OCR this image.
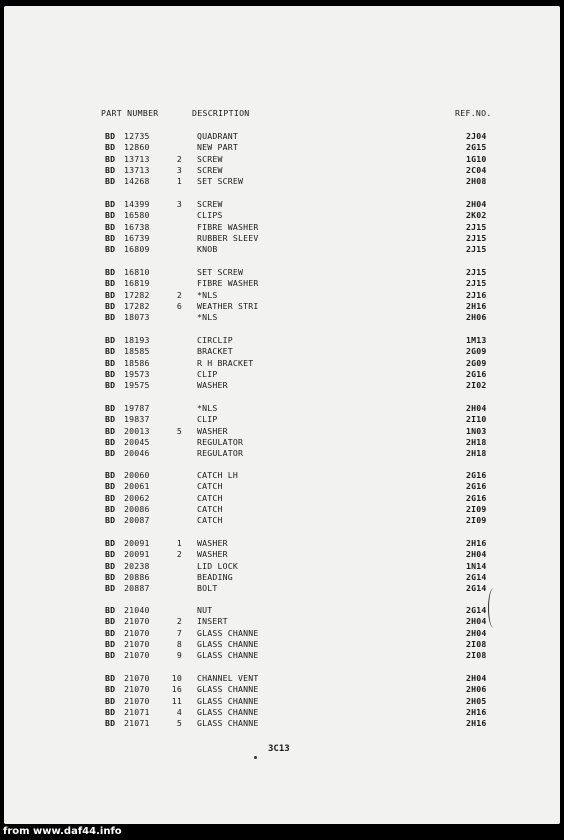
PART NUMBER	DESCRIPTION	REF.NO.
BD 12735	QUADRANT	2J04
BD 12860	NEW PART	2G15
BD 13713	2 SCREW	1G10
BD 13713	3 SCREW	2C04
BD 14268	1 SET SCREW	2H08
BD 14399	3 SCREW	2H04
BD 16580	CLIPS	2K02
BD 16738	FIBRE WASHER	2J15
BD 16739	RUBBER SLEEV	2J15
BD 16809	KNOB	2J15
BD 16810	SET SCREW	2J15
BD 16819	FIBRE WASHER	2J15
BD 17282	2 *NLS	2J16
BD 17282	6 WEATHER STRI	2H16
BD 18073	*NLS	2H06
BD 18193	CIRCLIP	1M13
BD 18585	BRACKET	2G09
BD 18586	R H BRACKET	2G09
BD 19573	CLIP	2G16
BD 19575	WASHER	2I02
BD 19787	*NLS	2H04
BD 19837	CLIP	2I10
BD 20013	5 WASHER	1N03
BD 20045	REGULATOR	2H18
BD 20046	REGULATOR	2H18
BD 20060	CATCH LH	2G16
BD 20061	CATCH	2G16
BD 20062	CATCH	2G16
BD 20086	CATCH	2I09
BD 20087	CATCH	2I09
BD 20091	1 WASHER	2H16
BD 20091	2 WASHER	2H04
BD 20238	LID LOCK	1N14
BD 20886	BEADING	2G14
BD 20887	BOLT	2G14
BD 21040	NUT	2G14
BD 21070	2 INSERT	2H04
BD 21070	7 GLASS CHANNE	2H04
BD 21070	8 GLASS CHANNE	2I08
BD 21070	9 GLASS CHANNE	2I08
BD 21070	10 CHANNEL VENT	2H04
BD 21070	16 GLASS CHANNE	2H06
BD 21070	11 GLASS CHANNE	2H05
BD 21071	4 GLASS CHANNE	2H16
BD 21071	5 GLASS CHANNE	2H16
3C13
from www.daf44.info
